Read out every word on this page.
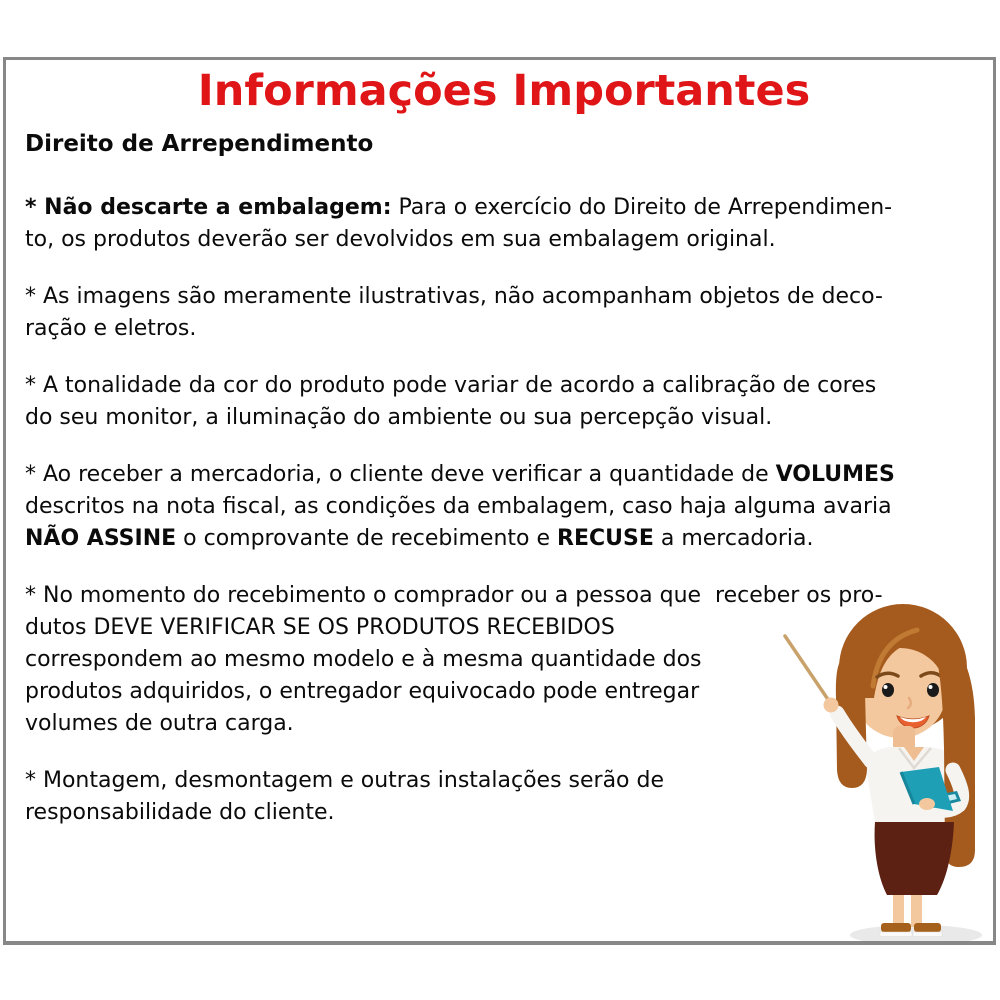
Informações Importantes
Direito de Arrependimento

* Não descarte a embalagem: Para o exercício do Direito de Arrependimen-
to, os produtos deverão ser devolvidos em sua embalagem original.

* As imagens são meramente ilustrativas, não acompanham objetos de deco-
ração e eletros.

* A tonalidade da cor do produto pode variar de acordo a calibração de cores
do seu monitor, a iluminação do ambiente ou sua percepção visual.

* Ao receber a mercadoria, o cliente deve verificar a quantidade de VOLUMES
descritos na nota fiscal, as condições da embalagem, caso haja alguma avaria
NÃO ASSINE o comprovante de recebimento e RECUSE a mercadoria.

* No momento do recebimento o comprador ou a pessoa que  receber os pro-
dutos DEVE VERIFICAR SE OS PRODUTOS RECEBIDOS
correspondem ao mesmo modelo e à mesma quantidade dos
produtos adquiridos, o entregador equivocado pode entregar
volumes de outra carga.

* Montagem, desmontagem e outras instalações serão de
responsabilidade do cliente.
